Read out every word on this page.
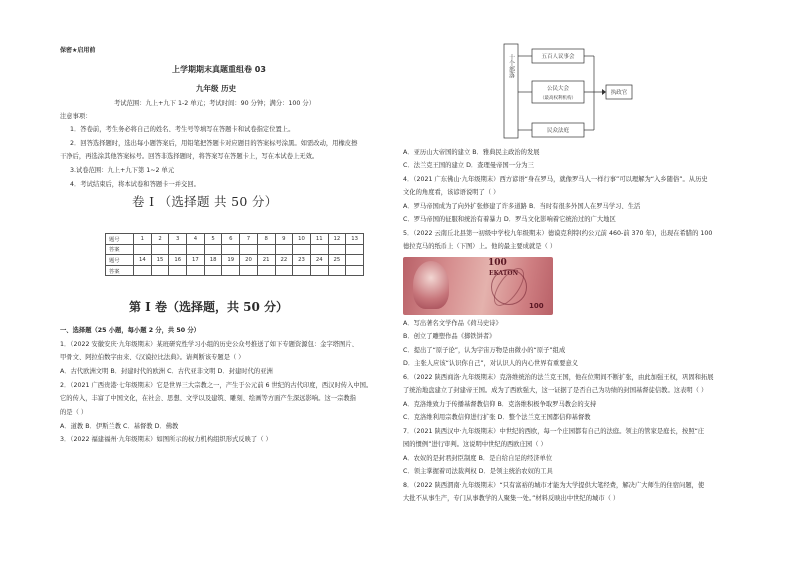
保密★启用前
上学期期末真题重组卷 03
九年级 历史
考试范围：九上+九下 1-2 单元；考试时间：90 分钟；满分：100 分）
注意事项：
1．答卷前，考生务必将自己的姓名、考生号等填写在答题卡和试卷指定位置上。
2．回答选择题时，选出每小题答案后，用铅笔把答题卡对应题目的答案标号涂黑。如需改动，用橡皮擦
干净后，再选涂其他答案标号。回答非选择题时，将答案写在答题卡上，写在本试卷上无效。
3.试卷范围：九上+九下第 1~2 单元
4．考试结束后，将本试卷和答题卡一并交回。
卷 I （选择题 共 50 分）
题号	1	2	3	4	5	6	7	8	9	10	11	12	13
答案													
题号	14	15	16	17	18	19	20	21	22	23	24	25	
答案													
第 I 卷（选择题，共 50 分）
一、选择题（25 小题，每小题 2 分，共 50 分）
1．（2022 安徽安庆·九年级期末）某班研究性学习小组的历史公众号推送了如下专题资源包：金字塔图片、
甲骨文、阿拉伯数字由来、《汉谟拉比法典》。请判断该专题是（ ）
A．古代欧洲文明 B．封建时代的欧洲 C．古代亚非文明 D．封建时代的亚洲
2．（2021 广西贵港·七年级期末）它是世界三大宗教之一，产生于公元前 6 世纪的古代印度，西汉时传入中国。
它的传入，丰富了中国文化，在社会、思想、文学以及建筑、雕刻、绘画等方面产生深远影响。这一宗教指
的是（ ）
A．道教 B．伊斯兰教 C．基督教 D．佛教
3．（2022 福建福州·九年级期末）如图所示的权力机构组织形式反映了（ ）
十个部落	五百人议事会
公民大会
（最高权利机构）
民众法庭
执政官
A．亚历山大帝国的建立 B．雅典民主政治的发展
C．法兰克王国的建立 D．查理曼帝国一分为三
4．（2021 广东佛山·九年级期末）西方谚语“身在罗马，就像罗马人一样行事”可以理解为“入乡随俗”。从历史
文化的角度看，该谚语说明了（ ）
A．罗马帝国成为了向外扩张修建了许多道路 B．当时有很多外国人在罗马学习、生活
C．罗马帝国的征服和统治有着暴力 D．罗马文化影响着它统治过的广大地区
5．（2022 云南丘北县第一初级中学校九年级期末）德谟克利特(约公元前 460-前 370 年)，出现在希腊的 100
德拉克马的纸币上（下图）上。他的最主要成就是（ ）
100
EKATON
100
A．写出著名文学作品《荷马史诗》
B．创立了雕塑作品《掷铁饼者》
C．提出了“原子论”，认为宇宙万物是由微小的“原子”组成
D．主张人应该“认识你自己”，对认识人的内心世界有重要意义
6．（2022 陕西商洛·九年级期末）克洛维统治的法兰克王国，他在位期间不断扩张，由此加强王权，巩固和拓展
了统治地盘建立了封建帝王国。成为了西欧强大，这一证据了是否自己为功绩的封国基督徒信教。这表明（ ）
A．克洛维致力于传播基督教信仰 B．克洛维积极争取罗马教会的支持
C．克洛维利用宗教信仰进行扩张 D．整个法兰克王国都信仰基督教
7．（2021 陕西汉中·九年级期末）中世纪的西欧，每一个庄园都有自己的法庭。领主的管家是庭长，按照“庄
园的惯例”进行审判。这说明中世纪的西欧庄园（ ）
A．农奴的是封君封臣制度 B．是自给自足的经济单位
C．领主掌握着司法裁判权 D．是领主统治农奴的工具
8．（2022 陕西渭南·九年级期末）“只有富裕的城市才能为大学提供大笔经费，解决广大师生的住宿问题，使
大批不从事生产，专门从事教学的人聚集一处。”材料反映出中世纪的城市（ ）
